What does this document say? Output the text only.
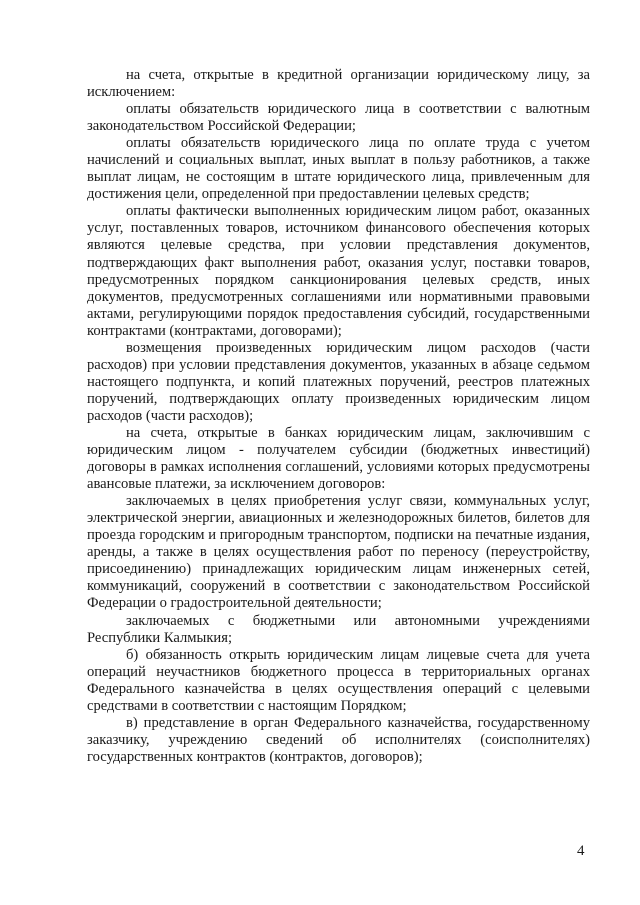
на счета, открытые в кредитной организации юридическому лицу, за исключением:

оплаты обязательств юридического лица в соответствии с валютным законодательством Российской Федерации;

оплаты обязательств юридического лица по оплате труда с учетом начислений и социальных выплат, иных выплат в пользу работников, а также выплат лицам, не состоящим в штате юридического лица, привлеченным для достижения цели, определенной при предоставлении целевых средств;

оплаты фактически выполненных юридическим лицом работ, оказанных услуг, поставленных товаров, источником финансового обеспечения которых являются целевые средства, при условии представления документов, подтверждающих факт выполнения работ, оказания услуг, поставки товаров, предусмотренных порядком санкционирования целевых средств, иных документов, предусмотренных соглашениями или нормативными правовыми актами, регулирующими порядок предоставления субсидий, государственными контрактами (контрактами, договорами);

возмещения произведенных юридическим лицом расходов (части расходов) при условии представления документов, указанных в абзаце седьмом настоящего подпункта, и копий платежных поручений, реестров платежных поручений, подтверждающих оплату произведенных юридическим лицом расходов (части расходов);

на счета, открытые в банках юридическим лицам, заключившим с юридическим лицом - получателем субсидии (бюджетных инвестиций) договоры в рамках исполнения соглашений, условиями которых предусмотрены авансовые платежи, за исключением договоров:

заключаемых в целях приобретения услуг связи, коммунальных услуг, электрической энергии, авиационных и железнодорожных билетов, билетов для проезда городским и пригородным транспортом, подписки на печатные издания, аренды, а также в целях осуществления работ по переносу (переустройству, присоединению) принадлежащих юридическим лицам инженерных сетей, коммуникаций, сооружений в соответствии с законодательством Российской Федерации о градостроительной деятельности;

заключаемых с бюджетными или автономными учреждениями Республики Калмыкия;

б) обязанность открыть юридическим лицам лицевые счета для учета операций неучастников бюджетного процесса в территориальных органах Федерального казначейства в целях осуществления операций с целевыми средствами в соответствии с настоящим Порядком;

в) представление в орган Федерального казначейства, государственному заказчику, учреждению сведений об исполнителях (соисполнителях) государственных контрактов (контрактов, договоров);

4
